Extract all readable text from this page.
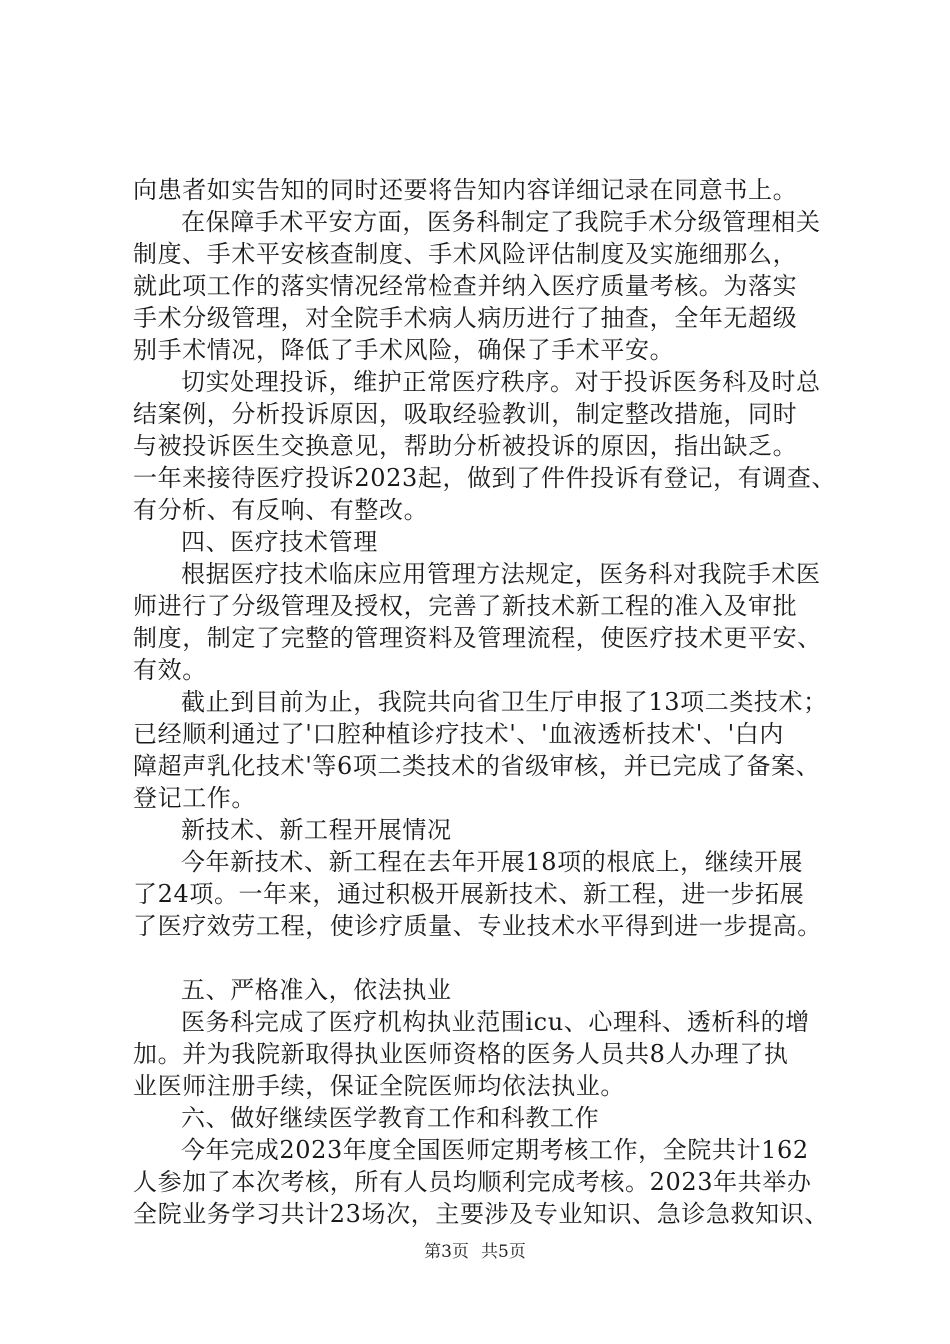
向患者如实告知的同时还要将告知内容详细记录在同意书上。
在保障手术平安方面，医务科制定了我院手术分级管理相关
制度、手术平安核查制度、手术风险评估制度及实施细那么，
就此项工作的落实情况经常检查并纳入医疗质量考核。为落实
手术分级管理，对全院手术病人病历进行了抽查，全年无超级
别手术情况，降低了手术风险，确保了手术平安。
切实处理投诉，维护正常医疗秩序。对于投诉医务科及时总
结案例，分析投诉原因，吸取经验教训，制定整改措施，同时
与被投诉医生交换意见，帮助分析被投诉的原因，指出缺乏。
一年来接待医疗投诉2023起，做到了件件投诉有登记，有调查、
有分析、有反响、有整改。
四、医疗技术管理
根据医疗技术临床应用管理方法规定，医务科对我院手术医
师进行了分级管理及授权，完善了新技术新工程的准入及审批
制度，制定了完整的管理资料及管理流程，使医疗技术更平安、
有效。
截止到目前为止，我院共向省卫生厅申报了13项二类技术；
已经顺利通过了'口腔种植诊疗技术'、'血液透析技术'、'白内
障超声乳化技术'等6项二类技术的省级审核，并已完成了备案、
登记工作。
新技术、新工程开展情况
今年新技术、新工程在去年开展18项的根底上，继续开展
了24项。一年来，通过积极开展新技术、新工程，进一步拓展
了医疗效劳工程，使诊疗质量、专业技术水平得到进一步提高。
五、严格准入，依法执业
医务科完成了医疗机构执业范围icu、心理科、透析科的增
加。并为我院新取得执业医师资格的医务人员共8人办理了执
业医师注册手续，保证全院医师均依法执业。
六、做好继续医学教育工作和科教工作
今年完成2023年度全国医师定期考核工作，全院共计162
人参加了本次考核，所有人员均顺利完成考核。2023年共举办
全院业务学习共计23场次，主要涉及专业知识、急诊急救知识、
第3页 共5页
